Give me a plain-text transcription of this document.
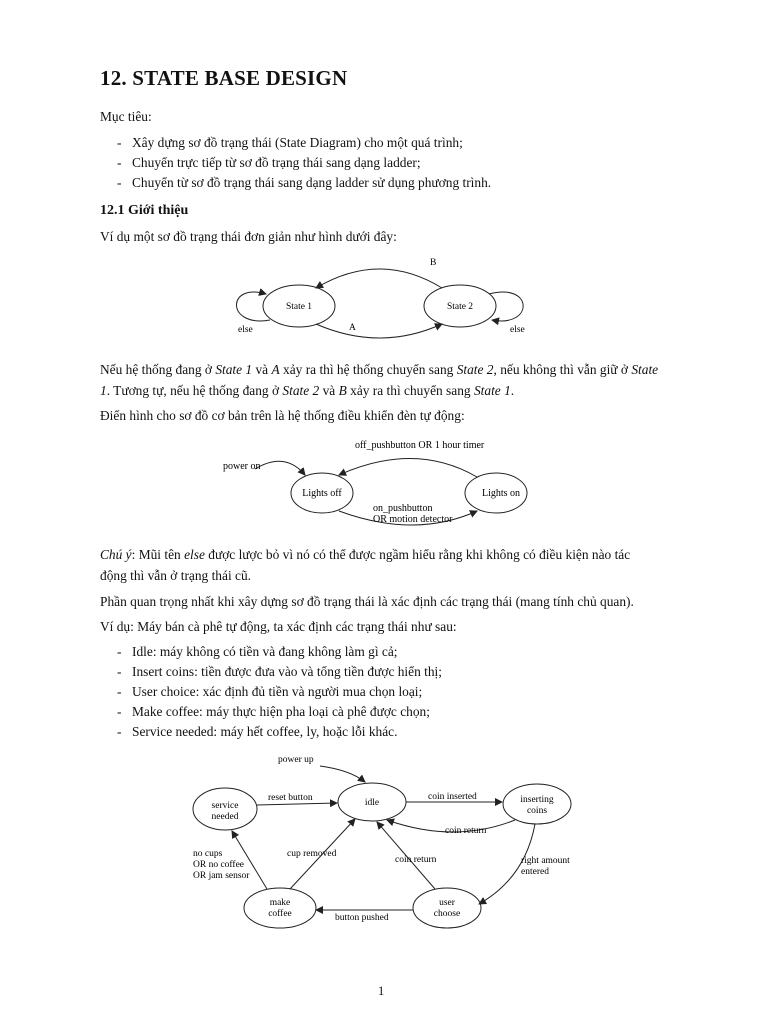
12. STATE BASE DESIGN

Mục tiêu:

- Xây dựng sơ đồ trạng thái (State Diagram) cho một quá trình;
- Chuyển trực tiếp từ sơ đồ trạng thái sang dạng ladder;
- Chuyển từ sơ đồ trạng thái sang dạng ladder sử dụng phương trình.
12.1 Giới thiệu

Ví dụ một sơ đồ trạng thái đơn giản như hình dưới đây:

State 1	State 2
B
A
else	else

Nếu hệ thống đang ở State 1 và A xảy ra thì hệ thống chuyển sang State 2, nếu không thì vẫn giữ ở State 1. Tương tự, nếu hệ thống đang ở State 2 và B xảy ra thì chuyển sang State 1.

Điển hình cho sơ đồ cơ bản trên là hệ thống điều khiển đèn tự động:

Lights off	Lights on
power on
off_pushbutton OR 1 hour timer
on_pushbutton
OR motion detector

Chú ý: Mũi tên else được lược bỏ vì nó có thể được ngầm hiểu rằng khi không có điều kiện nào tác
động thì vẫn ở trạng thái cũ.

Phần quan trọng nhất khi xây dựng sơ đồ trạng thái là xác định các trạng thái (mang tính chủ quan).

Ví dụ: Máy bán cà phê tự động, ta xác định các trạng thái như sau:

- Idle: máy không có tiền và đang không làm gì cả;
- Insert coins: tiền được đưa vào và tổng tiền được hiển thị;
- User choice: xác định đủ tiền và người mua chọn loại;
- Make coffee: máy thực hiện pha loại cà phê được chọn;
- Service needed: máy hết coffee, ly, hoặc lỗi khác.
idle
service
needed
inserting
coins
make
coffee
user
choose
power up
reset button	coin inserted
coin return
coin return	right amount
entered
button pushed
cup removed
no cups
OR no coffee
OR jam sensor
1
